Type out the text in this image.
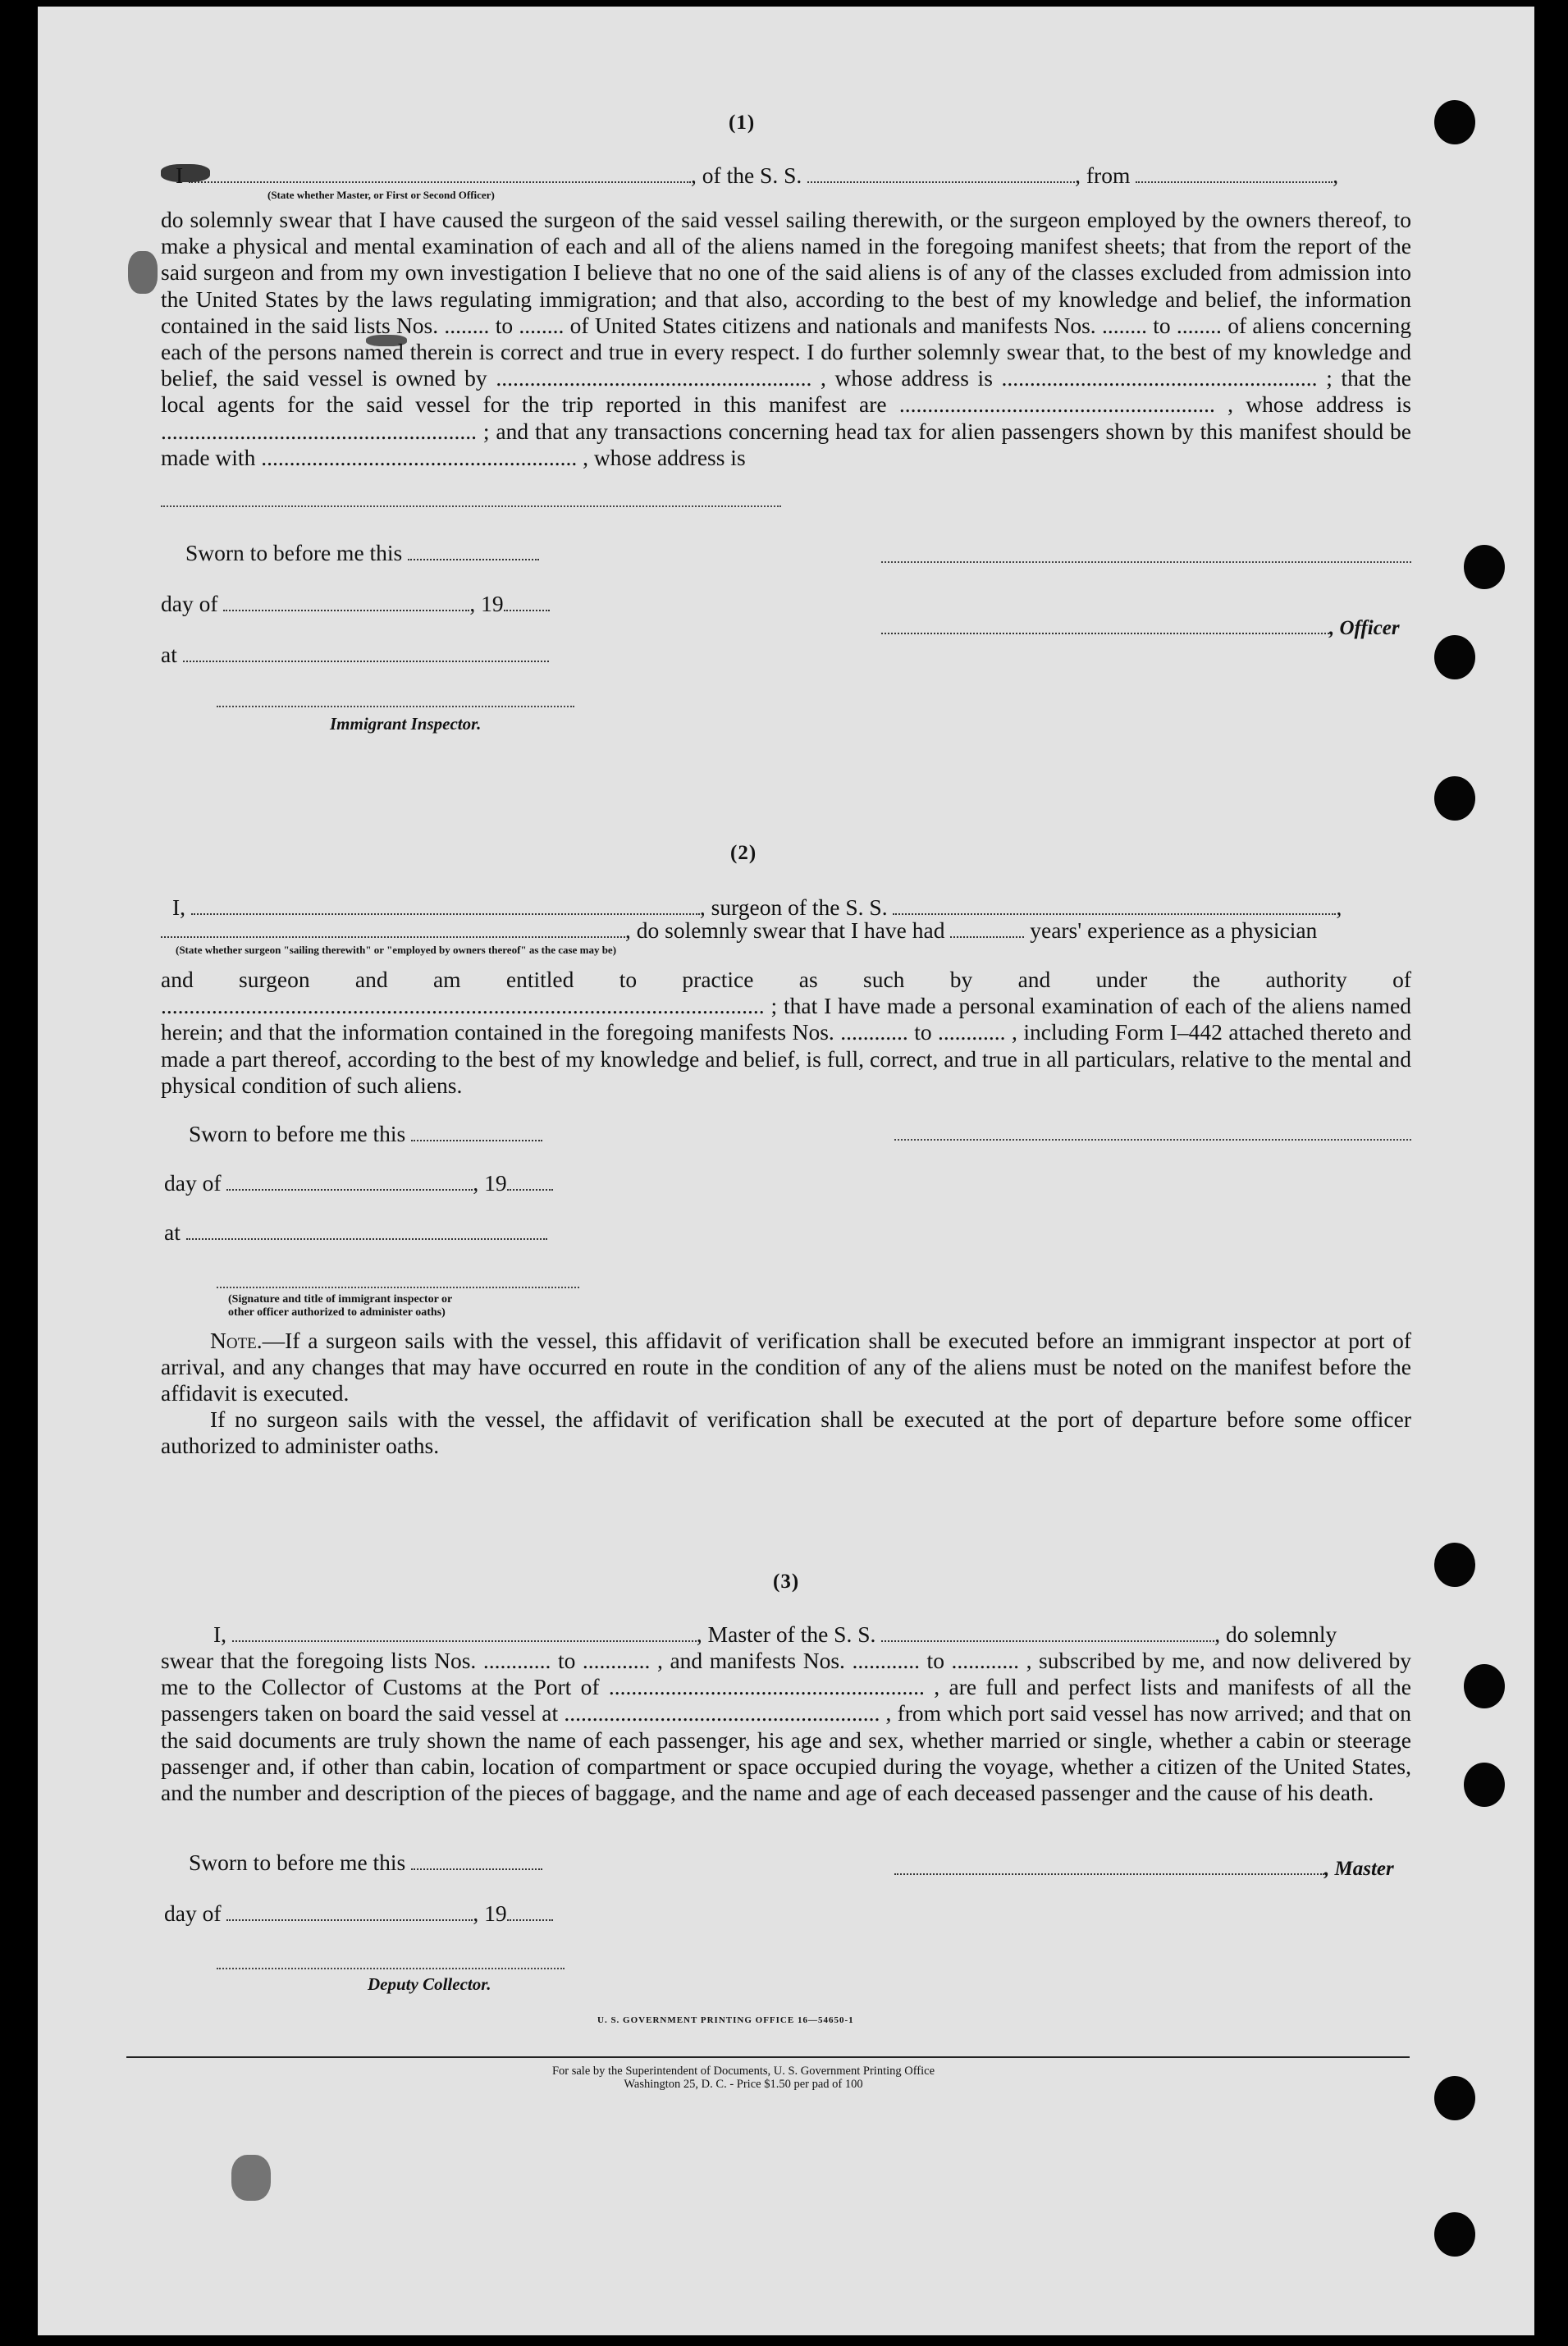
(1)
I	, of the S. S.	, from	,
(State whether Master, or First or Second Officer)

do solemnly swear that I have caused the surgeon of the said vessel sailing therewith, or the surgeon employed by the owners thereof, to make a physical and mental examination of each and all of the aliens named in the foregoing manifest sheets; that from the report of the said surgeon and from my own investigation I believe that no one of the said aliens is of any of the classes excluded from admission into the United States by the laws regulating immigration; and that also, according to the best of my knowledge and belief, the information contained in the said lists Nos. ........ to ........ of United States citizens and nationals and manifests Nos. ........ to ........ of aliens concerning each of the persons named therein is correct and true in every respect. I do further solemnly swear that, to the best of my knowledge and belief, the said vessel is owned by ........................................................ , whose address is ........................................................ ; that the local agents for the said vessel for the trip reported in this manifest are ........................................................ , whose address is ........................................................ ; and that any transactions concerning head tax for alien passengers shown by this manifest should be made with ........................................................ , whose address is

Sworn to before me this
day of	, 19
, Officer
at
Immigrant Inspector.
(2)
I,	, surgeon of the S. S.	,
, do solemnly swear that I have had	years' experience as a physician
(State whether surgeon "sailing therewith" or "employed by owners thereof" as the case may be)

and surgeon and am entitled to practice as such by and under the authority of ........................................................................................................... ; that I have made a personal examination of each of the aliens named herein; and that the information contained in the foregoing manifests Nos. ............ to ............ , including Form I–442 attached thereto and made a part thereof, according to the best of my knowledge and belief, is full, correct, and true in all particulars, relative to the mental and physical condition of such aliens.

Sworn to before me this
day of	, 19
at
(Signature and title of immigrant inspector or
other officer authorized to administer oaths)

Note.—If a surgeon sails with the vessel, this affidavit of verification shall be executed before an immigrant inspector at port of arrival, and any changes that may have occurred en route in the condition of any of the aliens must be noted on the manifest before the affidavit is executed.

If no surgeon sails with the vessel, the affidavit of verification shall be executed at the port of departure before some officer authorized to administer oaths.

(3)
I,	, Master of the S. S.	, do solemnly

swear that the foregoing lists Nos. ............ to ............ , and manifests Nos. ............ to ............ , subscribed by me, and now delivered by me to the Collector of Customs at the Port of ........................................................ , are full and perfect lists and manifests of all the passengers taken on board the said vessel at ........................................................ , from which port said vessel has now arrived; and that on the said documents are truly shown the name of each passenger, his age and sex, whether married or single, whether a cabin or steerage passenger and, if other than cabin, location of compartment or space occupied during the voyage, whether a citizen of the United States, and the number and description of the pieces of baggage, and the name and age of each deceased passenger and the cause of his death.

Sworn to before me this	, Master
day of	, 19
Deputy Collector.
U. S. GOVERNMENT PRINTING OFFICE 16—54650-1
For sale by the Superintendent of Documents, U. S. Government Printing Office
Washington 25, D. C. - Price $1.50 per pad of 100
